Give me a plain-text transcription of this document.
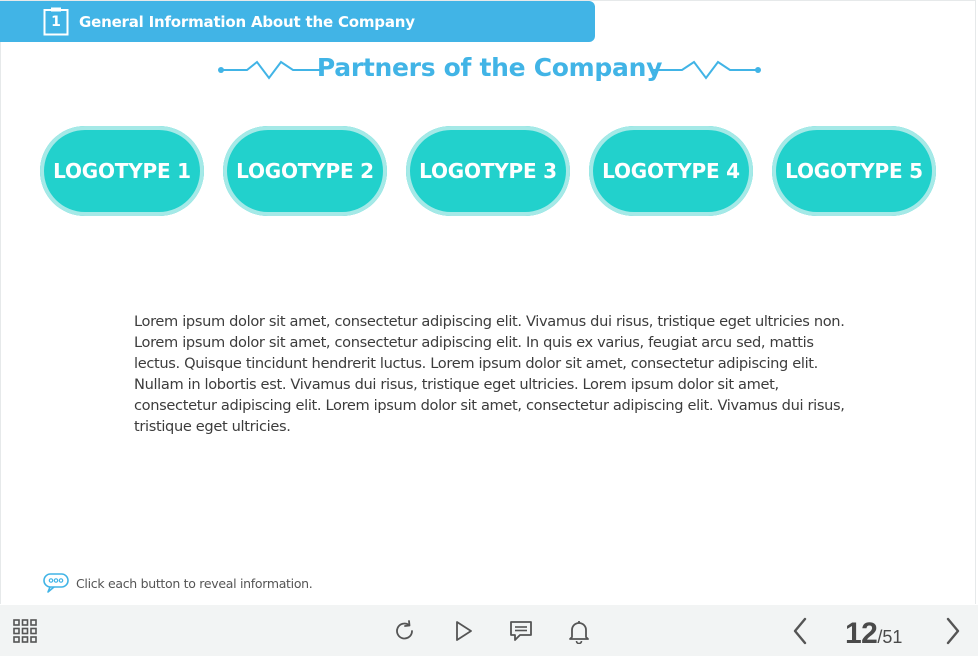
1	General Information About the Company
Partners of the Company
LOGOTYPE 1	LOGOTYPE 2	LOGOTYPE 3	LOGOTYPE 4	LOGOTYPE 5
Lorem ipsum dolor sit amet, consectetur adipiscing elit. Vivamus dui risus, tristique eget ultricies non.
Lorem ipsum dolor sit amet, consectetur adipiscing elit. In quis ex varius, feugiat arcu sed, mattis
lectus. Quisque tincidunt hendrerit luctus. Lorem ipsum dolor sit amet, consectetur adipiscing elit.
Nullam in lobortis est. Vivamus dui risus, tristique eget ultricies. Lorem ipsum dolor sit amet,
consectetur adipiscing elit. Lorem ipsum dolor sit amet, consectetur adipiscing elit. Vivamus dui risus,
tristique eget ultricies.
Click each button to reveal information.
12/51
